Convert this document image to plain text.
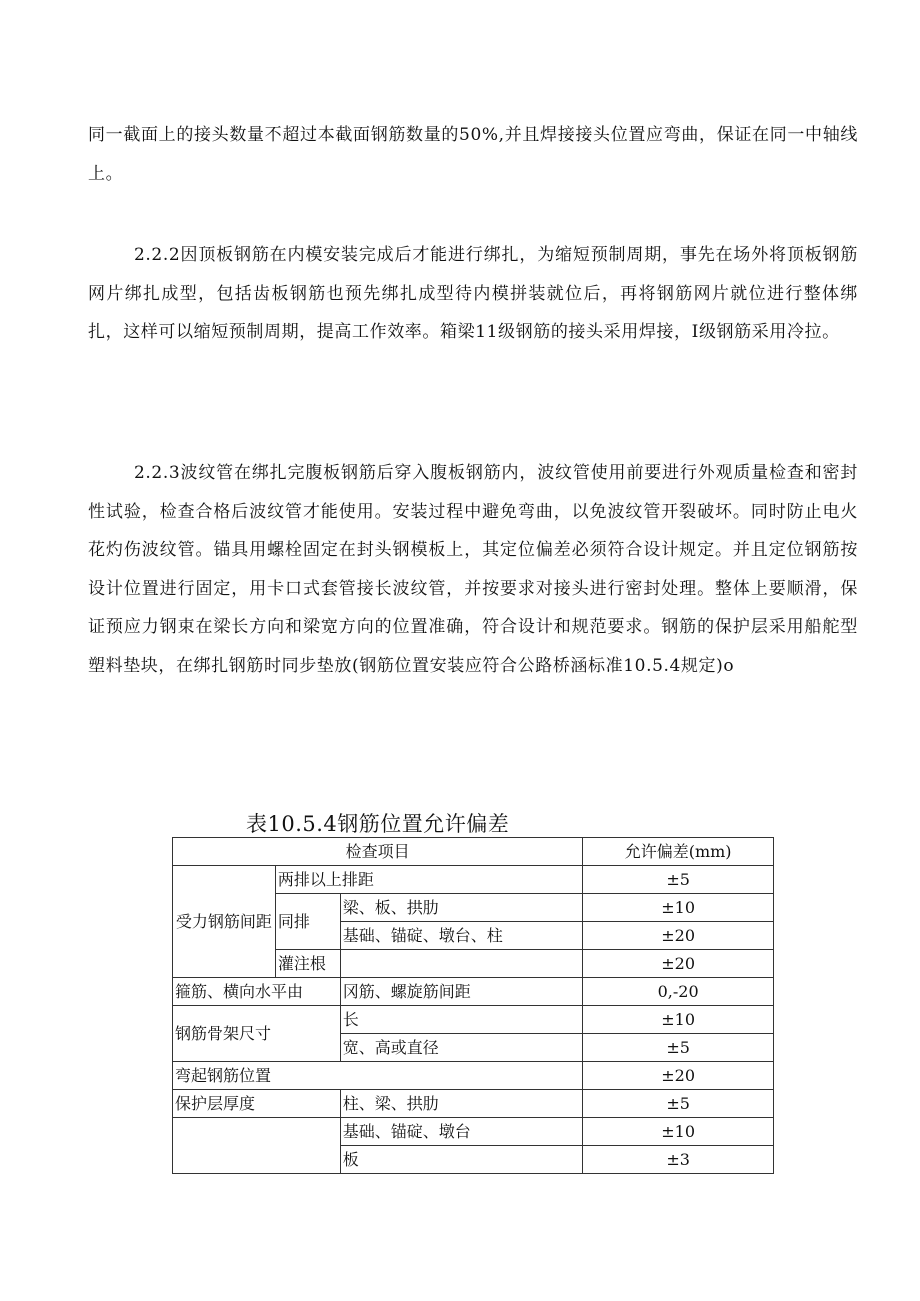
同一截面上的接头数量不超过本截面钢筋数量的50%,并且焊接接头位置应弯曲，保证在同一中轴线上。

2.2.2因顶板钢筋在内模安装完成后才能进行绑扎，为缩短预制周期，事先在场外将顶板钢筋网片绑扎成型，包括齿板钢筋也预先绑扎成型待内模拼装就位后，再将钢筋网片就位进行整体绑扎，这样可以缩短预制周期，提高工作效率。箱梁11级钢筋的接头采用焊接，I级钢筋采用冷拉。

2.2.3波纹管在绑扎完腹板钢筋后穿入腹板钢筋内，波纹管使用前要进行外观质量检查和密封性试验，检查合格后波纹管才能使用。安装过程中避免弯曲，以免波纹管开裂破坏。同时防止电火花灼伤波纹管。锚具用螺栓固定在封头钢模板上，其定位偏差必须符合设计规定。并且定位钢筋按设计位置进行固定，用卡口式套管接长波纹管，并按要求对接头进行密封处理。整体上要顺滑，保证预应力钢束在梁长方向和梁宽方向的位置准确，符合设计和规范要求。钢筋的保护层采用船舵型塑料垫块，在绑扎钢筋时同步垫放(钢筋位置安装应符合公路桥涵标准10.5.4规定)o

表10.5.4钢筋位置允许偏差
检查项目			允许偏差(mm)
受力钢筋间距	两排以上排距		±5
	同排	梁、板、拱肋	±10
		基础、锚碇、墩台、柱	±20
	灌注根		±20
箍筋、横向水平由		冈筋、螺旋筋间距	0,-20
钢筋骨架尺寸		长	±10
		宽、高或直径	±5
弯起钢筋位置			±20
保护层厚度		柱、梁、拱肋	±5
		基础、锚碇、墩台	±10
		板	±3
